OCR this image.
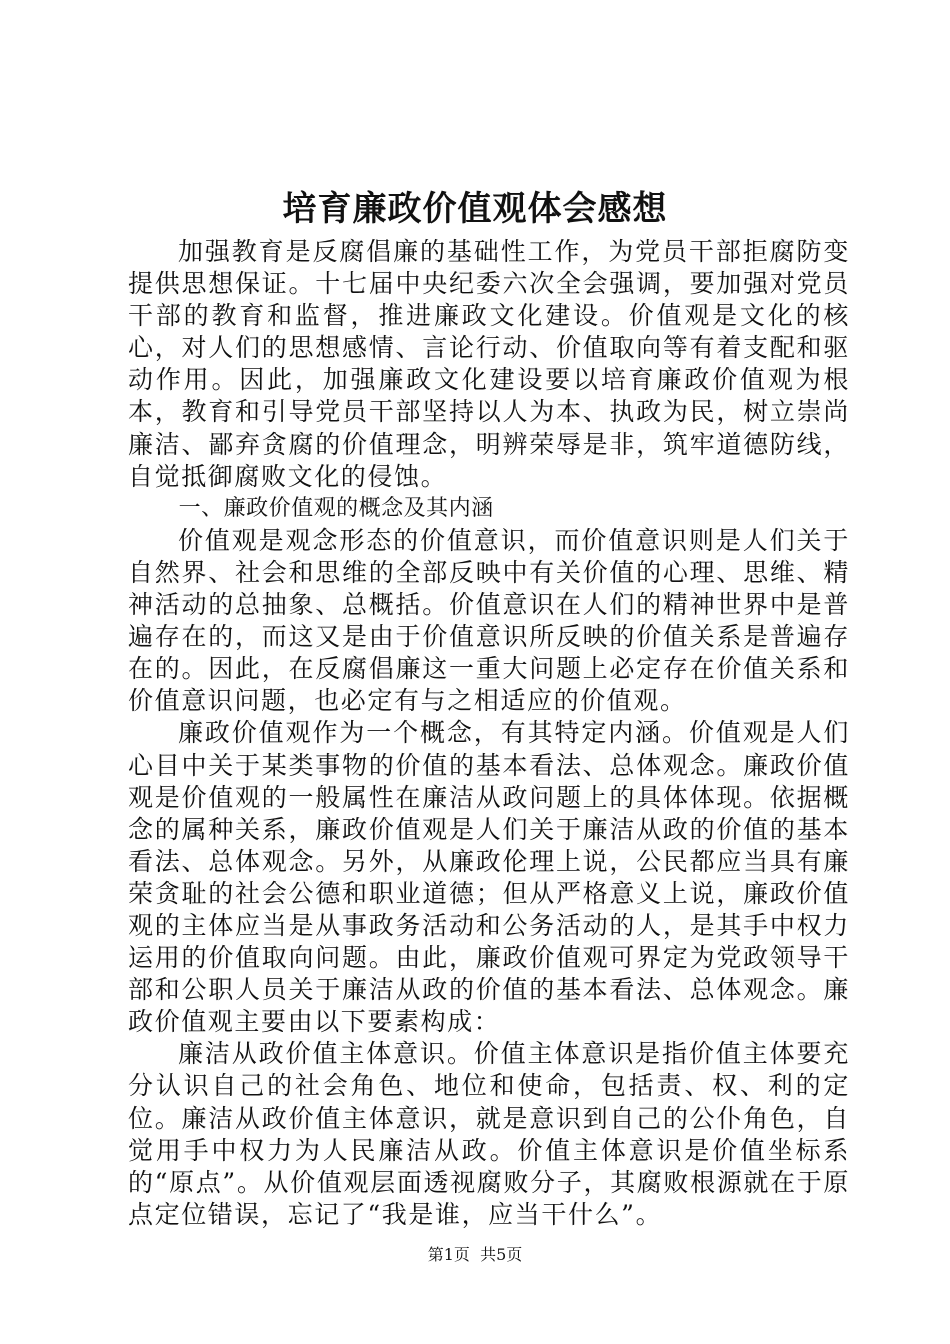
培育廉政价值观体会感想

加强教育是反腐倡廉的基础性工作，为党员干部拒腐防变提供思想保证。十七届中央纪委六次全会强调，要加强对党员干部的教育和监督，推进廉政文化建设。价值观是文化的核心，对人们的思想感情、言论行动、价值取向等有着支配和驱动作用。因此，加强廉政文化建设要以培育廉政价值观为根本，教育和引导党员干部坚持以人为本、执政为民，树立崇尚廉洁、鄙弃贪腐的价值理念，明辨荣辱是非，筑牢道德防线，自觉抵御腐败文化的侵蚀。

一、廉政价值观的概念及其内涵

价值观是观念形态的价值意识，而价值意识则是人们关于自然界、社会和思维的全部反映中有关价值的心理、思维、精神活动的总抽象、总概括。价值意识在人们的精神世界中是普遍存在的，而这又是由于价值意识所反映的价值关系是普遍存在的。因此，在反腐倡廉这一重大问题上必定存在价值关系和价值意识问题，也必定有与之相适应的价值观。

廉政价值观作为一个概念，有其特定内涵。价值观是人们心目中关于某类事物的价值的基本看法、总体观念。廉政价值观是价值观的一般属性在廉洁从政问题上的具体体现。依据概念的属种关系，廉政价值观是人们关于廉洁从政的价值的基本看法、总体观念。另外，从廉政伦理上说，公民都应当具有廉荣贪耻的社会公德和职业道德；但从严格意义上说，廉政价值观的主体应当是从事政务活动和公务活动的人，是其手中权力运用的价值取向问题。由此，廉政价值观可界定为党政领导干部和公职人员关于廉洁从政的价值的基本看法、总体观念。廉政价值观主要由以下要素构成：

廉洁从政价值主体意识。价值主体意识是指价值主体要充分认识自己的社会角色、地位和使命，包括责、权、利的定位。廉洁从政价值主体意识，就是意识到自己的公仆角色，自觉用手中权力为人民廉洁从政。价值主体意识是价值坐标系的“原点”。从价值观层面透视腐败分子，其腐败根源就在于原点定位错误，忘记了“我是谁，应当干什么”。

第1页 共5页
